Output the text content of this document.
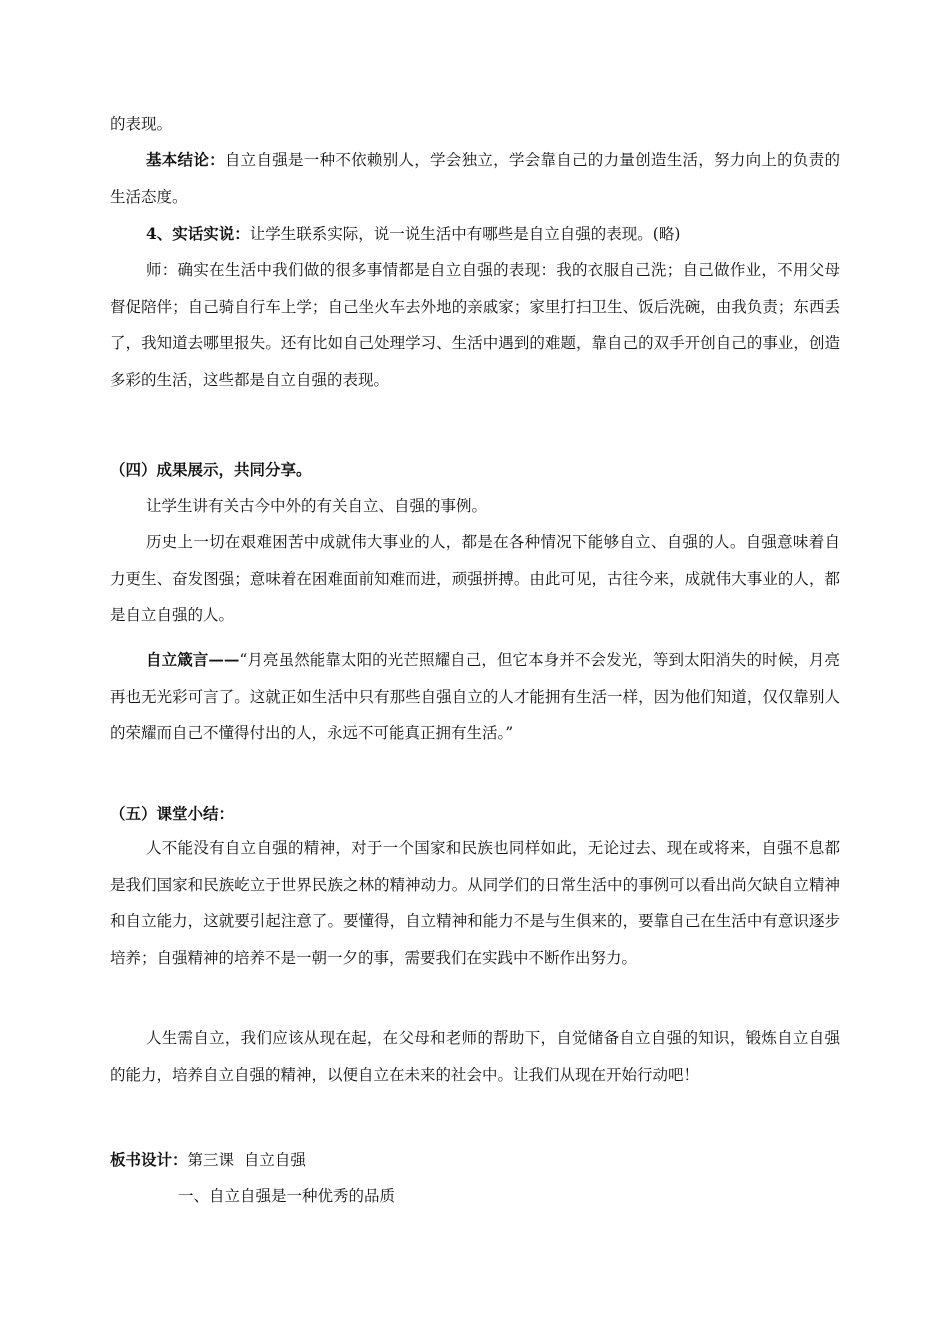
的表现。

基本结论：自立自强是一种不依赖别人，学会独立，学会靠自己的力量创造生活，努力向上的负责的生活态度。

4、实话实说：让学生联系实际，说一说生活中有哪些是自立自强的表现。(略)

师：确实在生活中我们做的很多事情都是自立自强的表现：我的衣服自己洗；自己做作业，不用父母督促陪伴；自己骑自行车上学；自己坐火车去外地的亲戚家；家里打扫卫生、饭后洗碗，由我负责；东西丢了，我知道去哪里报失。还有比如自己处理学习、生活中遇到的难题，靠自己的双手开创自己的事业，创造多彩的生活，这些都是自立自强的表现。

（四）成果展示，共同分享。

让学生讲有关古今中外的有关自立、自强的事例。

历史上一切在艰难困苦中成就伟大事业的人，都是在各种情况下能够自立、自强的人。自强意味着自力更生、奋发图强；意味着在困难面前知难而进，顽强拼搏。由此可见，古往今来，成就伟大事业的人，都是自立自强的人。

自立箴言——“月亮虽然能靠太阳的光芒照耀自己，但它本身并不会发光，等到太阳消失的时候，月亮再也无光彩可言了。这就正如生活中只有那些自强自立的人才能拥有生活一样，因为他们知道，仅仅靠别人的荣耀而自己不懂得付出的人，永远不可能真正拥有生活。”

（五）课堂小结：

人不能没有自立自强的精神，对于一个国家和民族也同样如此，无论过去、现在或将来，自强不息都是我们国家和民族屹立于世界民族之林的精神动力。从同学们的日常生活中的事例可以看出尚欠缺自立精神和自立能力，这就要引起注意了。要懂得，自立精神和能力不是与生俱来的，要靠自己在生活中有意识逐步培养；自强精神的培养不是一朝一夕的事，需要我们在实践中不断作出努力。

人生需自立，我们应该从现在起，在父母和老师的帮助下，自觉储备自立自强的知识，锻炼自立自强的能力，培养自立自强的精神，以便自立在未来的社会中。让我们从现在开始行动吧！

板书设计：第三课  自立自强

一、自立自强是一种优秀的品质
